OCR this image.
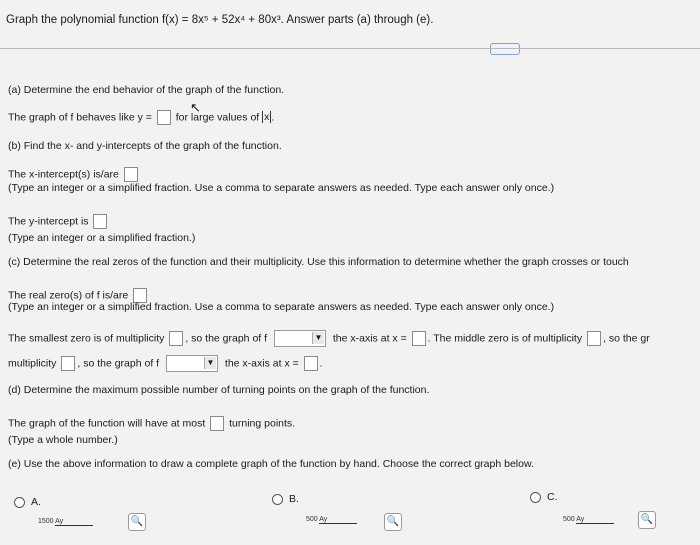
Graph the polynomial function f(x) = 8x⁵ + 52x⁴ + 80x³. Answer parts (a) through (e).
····
(a) Determine the end behavior of the graph of the function.
The graph of f behaves like y = for large values of x .
↖
(b) Find the x- and y-intercepts of the graph of the function.
The x-intercept(s) is/are
(Type an integer or a simplified fraction. Use a comma to separate answers as needed. Type each answer only once.)
The y-intercept is
(Type an integer or a simplified fraction.)
(c) Determine the real zeros of the function and their multiplicity. Use this information to determine whether the graph crosses or touch
The real zero(s) of f is/are
(Type an integer or a simplified fraction. Use a comma to separate answers as needed. Type each answer only once.)
The smallest zero is of multiplicity , so the graph of f	▼ the x-axis at x = . The middle zero is of multiplicity , so the gr
multiplicity , so the graph of f	▼ the x-axis at x = .
(d) Determine the maximum possible number of turning points on the graph of the function.
The graph of the function will have at most turning points.
(Type a whole number.)
(e) Use the above information to draw a complete graph of the function by hand. Choose the correct graph below.
A.
1500 Ay	🔍
B.
500 Ay	🔍
C.
500 Ay	🔍
